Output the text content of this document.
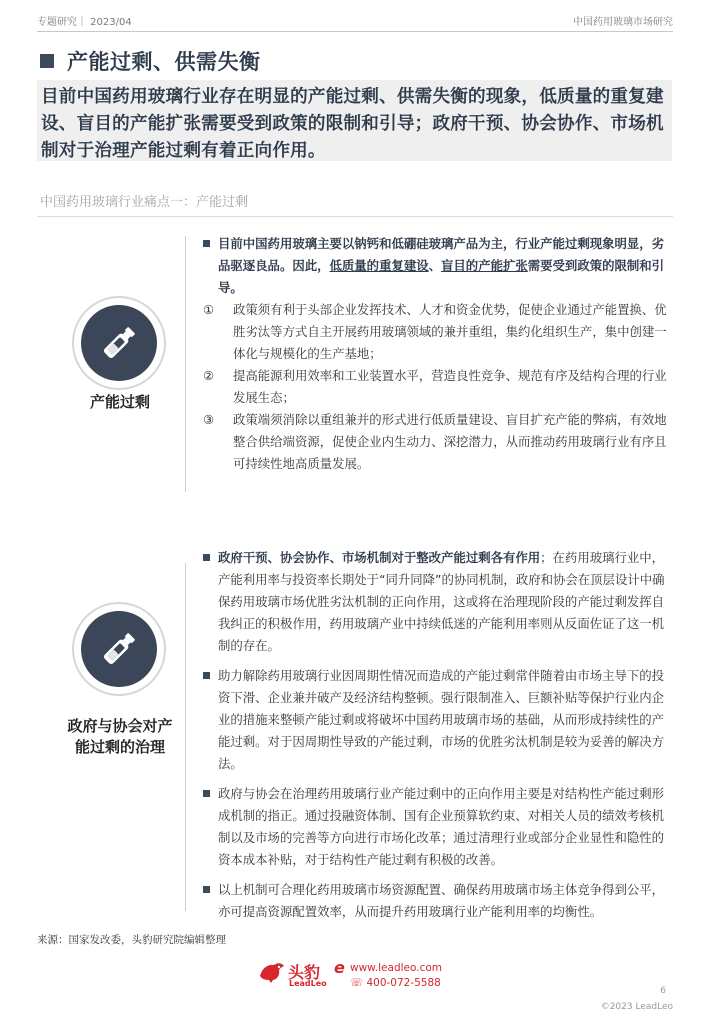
专题研究｜ 2023/04	中国药用玻璃市场研究
产能过剩、供需失衡
目前中国药用玻璃行业存在明显的产能过剩、供需失衡的现象，低质量的重复建设、盲目的产能扩张需要受到政策的限制和引导；政府干预、协会协作、市场机制对于治理产能过剩有着正向作用。
中国药用玻璃行业痛点一：产能过剩
产能过剩

目前中国药用玻璃主要以钠钙和低硼硅玻璃产品为主，行业产能过剩现象明显，劣品驱逐良品。因此，低质量的重复建设、盲目的产能扩张需要受到政策的限制和引导。

① 政策须有利于头部企业发挥技术、人才和资金优势，促使企业通过产能置换、优胜劣汰等方式自主开展药用玻璃领域的兼并重组，集约化组织生产，集中创建一体化与规模化的生产基地；

② 提高能源利用效率和工业装置水平，营造良性竞争、规范有序及结构合理的行业发展生态；

③ 政策端须消除以重组兼并的形式进行低质量建设、盲目扩充产能的弊病，有效地整合供给端资源，促使企业内生动力、深挖潜力，从而推动药用玻璃行业有序且可持续性地高质量发展。

政府与协会对产能过剩的治理

政府干预、协会协作、市场机制对于整改产能过剩各有作用；在药用玻璃行业中，产能利用率与投资率长期处于“同升同降”的协同机制，政府和协会在顶层设计中确保药用玻璃市场优胜劣汰机制的正向作用，这或将在治理现阶段的产能过剩发挥自我纠正的积极作用，药用玻璃产业中持续低迷的产能利用率则从反面佐证了这一机制的存在。

助力解除药用玻璃行业因周期性情况而造成的产能过剩常伴随着由市场主导下的投资下滑、企业兼并破产及经济结构整顿。强行限制准入、巨额补贴等保护行业内企业的措施来整顿产能过剩或将破坏中国药用玻璃市场的基础，从而形成持续性的产能过剩。对于因周期性导致的产能过剩，市场的优胜劣汰机制是较为妥善的解决方法。

政府与协会在治理药用玻璃行业产能过剩中的正向作用主要是对结构性产能过剩形成机制的指正。通过投融资体制、国有企业预算软约束、对相关人员的绩效考核机制以及市场的完善等方向进行市场化改革；通过清理行业或部分企业显性和隐性的资本成本补贴，对于结构性产能过剩有积极的改善。

以上机制可合理化药用玻璃市场资源配置、确保药用玻璃市场主体竞争得到公平，亦可提高资源配置效率，从而提升药用玻璃行业产能利用率的均衡性。

来源：国家发改委，头豹研究院编辑整理
头豹
LeadLeo
e www.leadleo.com
☏ 400-072-5588
6
©2023 LeadLeo
